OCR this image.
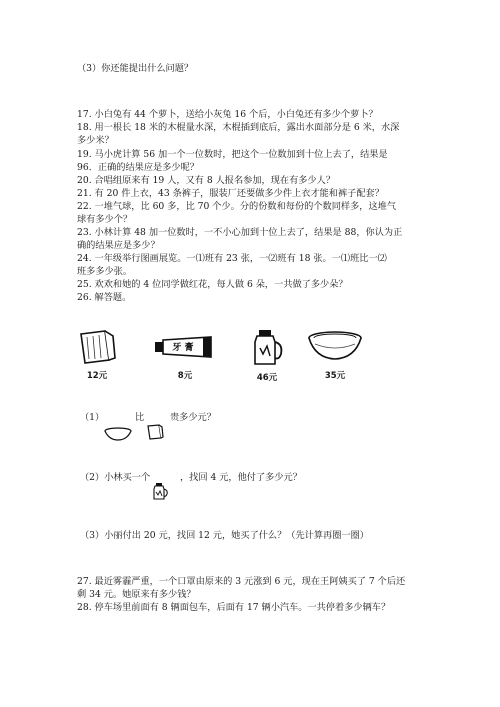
（3）你还能提出什么问题？
17. 小白兔有 44 个萝卜，送给小灰兔 16 个后，小白兔还有多少个萝卜？
18. 用一根长 18 米的木棍量水深，木棍插到底后，露出水面部分是 6 米，水深
多少米？
19. 马小虎计算 56 加一个一位数时，把这个一位数加到十位上去了，结果是
96．正确的结果应是多少呢？
20. 合唱组原来有 19 人，又有 8 人报名参加，现在有多少人？
21. 有 20 件上衣，43 条裤子，服装厂还要做多少件上衣才能和裤子配套？
22. 一堆气球，比 60 多，比 70 个少。分的份数和每份的个数同样多，这堆气
球有多少个？
23. 小林计算 48 加一位数时，一不小心加到十位上去了，结果是 88，你认为正
确的结果应是多少？
24. 一年级举行图画展览。一⑴班有 23 张，一⑵班有 18 张。一⑴班比一⑵
班多多少张。
25. 欢欢和她的 4 位同学做红花，每人做 6 朵，一共做了多少朵？
26. 解答题。
12元
牙 膏
8元	46元	35元
（1）	比	贵多少元？
（2）小林买一个	，找回 4 元，他付了多少元？
（3）小丽付出 20 元，找回 12 元，她买了什么？（先计算再圈一圈）
27. 最近雾霾严重，一个口罩由原来的 3 元涨到 6 元，现在王阿姨买了 7 个后还
剩 34 元。她原来有多少钱？
28. 停车场里前面有 8 辆面包车，后面有 17 辆小汽车。一共停着多少辆车？
